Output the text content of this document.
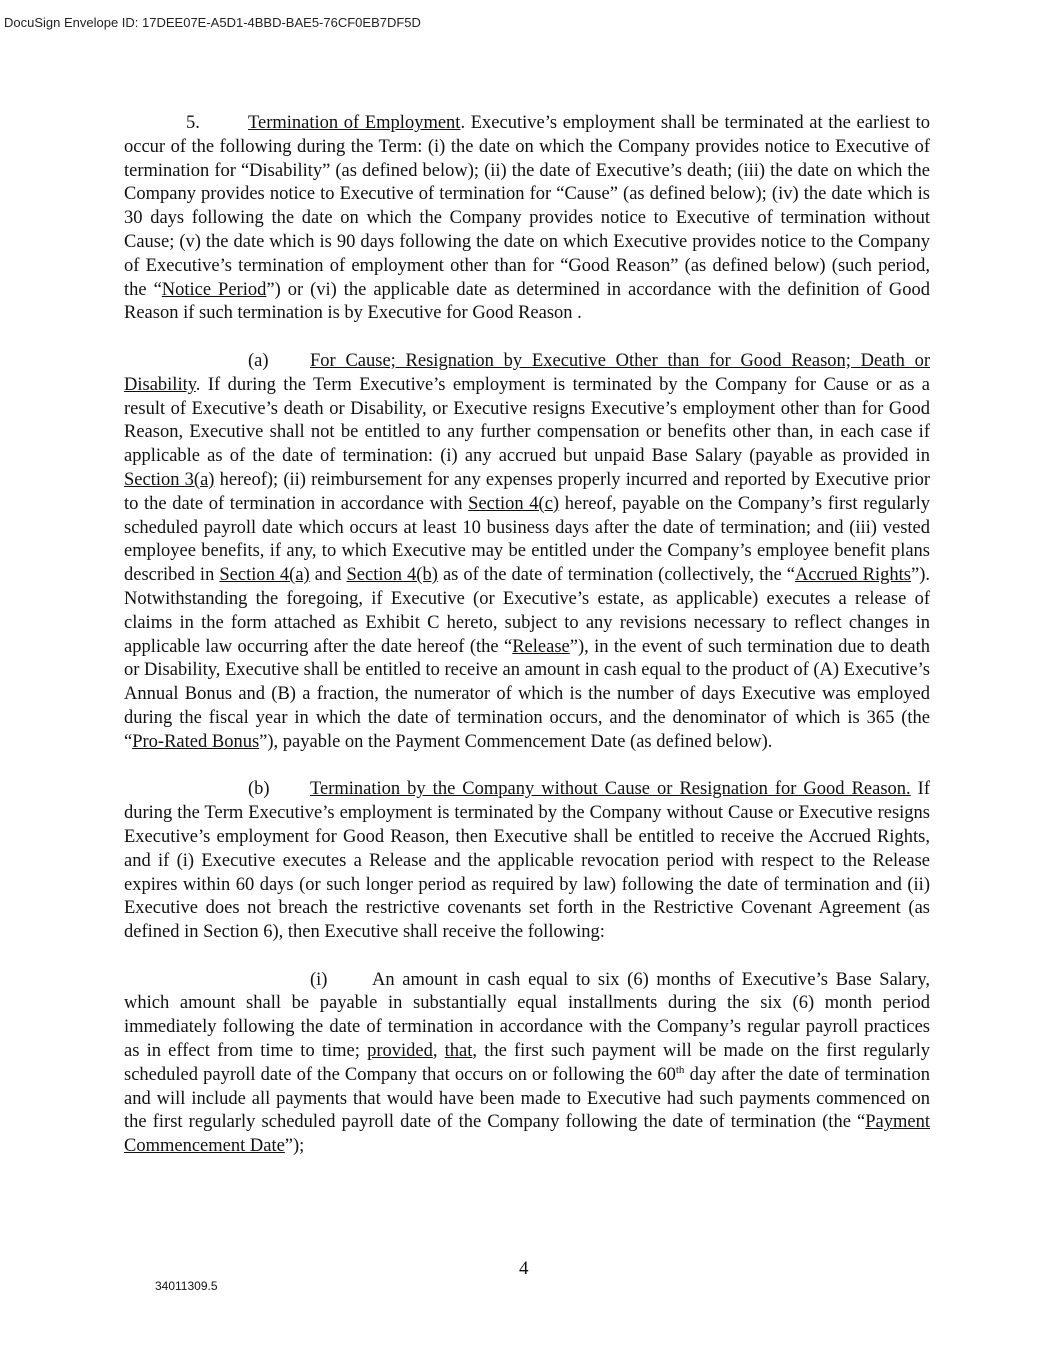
DocuSign Envelope ID: 17DEE07E-A5D1-4BBD-BAE5-76CF0EB7DF5D

5.	Termination of Employment. Executive’s employment shall be terminated at the earliest to occur of the following during the Term: (i) the date on which the Company provides notice to Executive of termination for “Disability” (as defined below); (ii) the date of Executive’s death; (iii) the date on which the Company provides notice to Executive of termination for “Cause” (as defined below); (iv) the date which is 30 days following the date on which the Company provides notice to Executive of termination without Cause; (v) the date which is 90 days following the date on which Executive provides notice to the Company of Executive’s termination of employment other than for “Good Reason” (as defined below) (such period, the “Notice Period”) or (vi) the applicable date as determined in accordance with the definition of Good Reason if such termination is by Executive for Good Reason .

(a) For Cause; Resignation by Executive Other than for Good Reason; Death or Disability. If during the Term Executive’s employment is terminated by the Company for Cause or as a result of Executive’s death or Disability, or Executive resigns Executive’s employment other than for Good Reason, Executive shall not be entitled to any further compensation or benefits other than, in each case if applicable as of the date of termination: (i) any accrued but unpaid Base Salary (payable as provided in Section 3(a) hereof); (ii) reimbursement for any expenses properly incurred and reported by Executive prior to the date of termination in accordance with Section 4(c) hereof, payable on the Company’s first regularly scheduled payroll date which occurs at least 10 business days after the date of termination; and (iii) vested employee benefits, if any, to which Executive may be entitled under the Company’s employee benefit plans described in Section 4(a) and Section 4(b) as of the date of termination (collectively, the “Accrued Rights”). Notwithstanding the foregoing, if Executive (or Executive’s estate, as applicable) executes a release of claims in the form attached as Exhibit C hereto, subject to any revisions necessary to reflect changes in applicable law occurring after the date hereof (the “Release”), in the event of such termination due to death or Disability, Executive shall be entitled to receive an amount in cash equal to the product of (A) Executive’s Annual Bonus and (B) a fraction, the numerator of which is the number of days Executive was employed during the fiscal year in which the date of termination occurs, and the denominator of which is 365 (the “Pro-Rated Bonus”), payable on the Payment Commencement Date (as defined below).

(b) Termination by the Company without Cause or Resignation for Good Reason. If during the Term Executive’s employment is terminated by the Company without Cause or Executive resigns Executive’s employment for Good Reason, then Executive shall be entitled to receive the Accrued Rights, and if (i) Executive executes a Release and the applicable revocation period with respect to the Release expires within 60 days (or such longer period as required by law) following the date of termination and (ii) Executive does not breach the restrictive covenants set forth in the Restrictive Covenant Agreement (as defined in Section 6), then Executive shall receive the following:

(i) An amount in cash equal to six (6) months of Executive’s Base Salary, which amount shall be payable in substantially equal installments during the six (6) month period immediately following the date of termination in accordance with the Company’s regular payroll practices as in effect from time to time; provided, that, the first such payment will be made on the first regularly scheduled payroll date of the Company that occurs on or following the 60th day after the date of termination and will include all payments that would have been made to Executive had such payments commenced on the first regularly scheduled payroll date of the Company following the date of termination (the “Payment Commencement Date”);

4
34011309.5
